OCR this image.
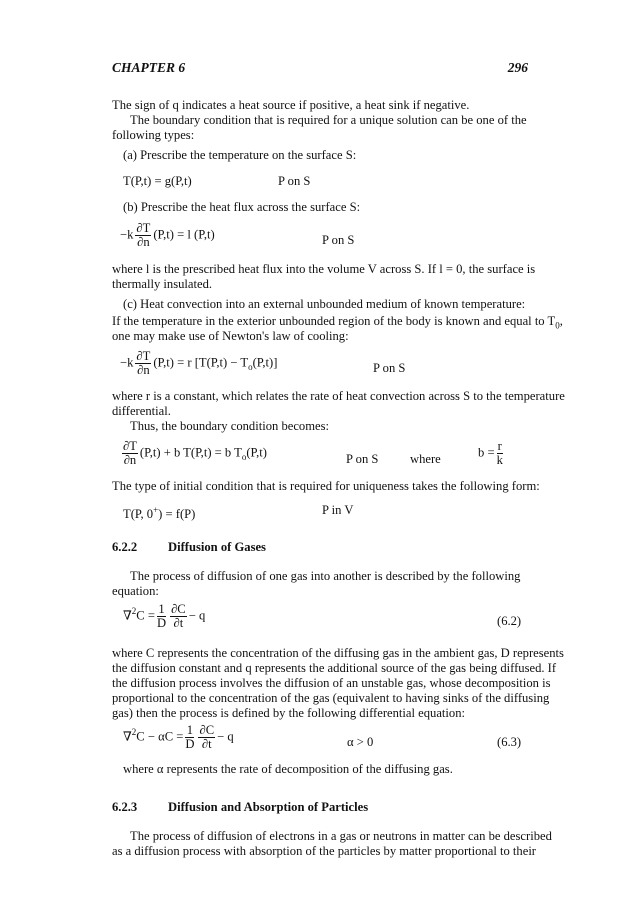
CHAPTER 6	296
The sign of q indicates a heat source if positive, a heat sink if negative.
The boundary condition that is required for a unique solution can be one of the
following types:
(a) Prescribe the temperature on the surface S:
T(P,t) = g(P,t)	P on S
(b) Prescribe the heat flux across the surface S:
$-k \frac{\partial T}{\partial n} (P,t) = l$ (P,t)	P on S
where l is the prescribed heat flux into the volume V across S. If l = 0, the surface is
thermally insulated.
(c) Heat convection into an external unbounded medium of known temperature:
If the temperature in the exterior unbounded region of the body is known and equal to $T_0$,
one may make use of Newton's law of cooling:
$-k \frac{\partial T}{\partial n} (P,t) = r$ $[T(P,t) - T_o(P,t)]$	P on S
where r is a constant, which relates the rate of heat convection across S to the temperature
differential.
Thus, the boundary condition becomes:
$\frac{\partial T}{\partial n} (P,t) + b$ T(P,t) = b $T_o(P,t)$	P on S	where	$b = \frac{r}{k}$
The type of initial condition that is required for uniqueness takes the following form:
T(P, 0+) = f(P)	P in V
6.2.2 Diffusion of Gases
The process of diffusion of one gas into another is described by the following
equation:
$\nabla^2C = \frac{1}{D} \frac{\partial C}{\partial t} - q$	(6.2)
where C represents the concentration of the diffusing gas in the ambient gas, D represents
the diffusion constant and q represents the additional source of the gas being diffused. If
the diffusion process involves the diffusion of an unstable gas, whose decomposition is
proportional to the concentration of the gas (equivalent to having sinks of the diffusing
gas) then the process is defined by the following differential equation:
$\nabla^2C - \alpha C = \frac{1}{D} \frac{\partial C}{\partial t} - q$	α > 0	(6.3)
where α represents the rate of decomposition of the diffusing gas.
6.2.3 Diffusion and Absorption of Particles
The process of diffusion of electrons in a gas or neutrons in matter can be described
as a diffusion process with absorption of the particles by matter proportional to their
